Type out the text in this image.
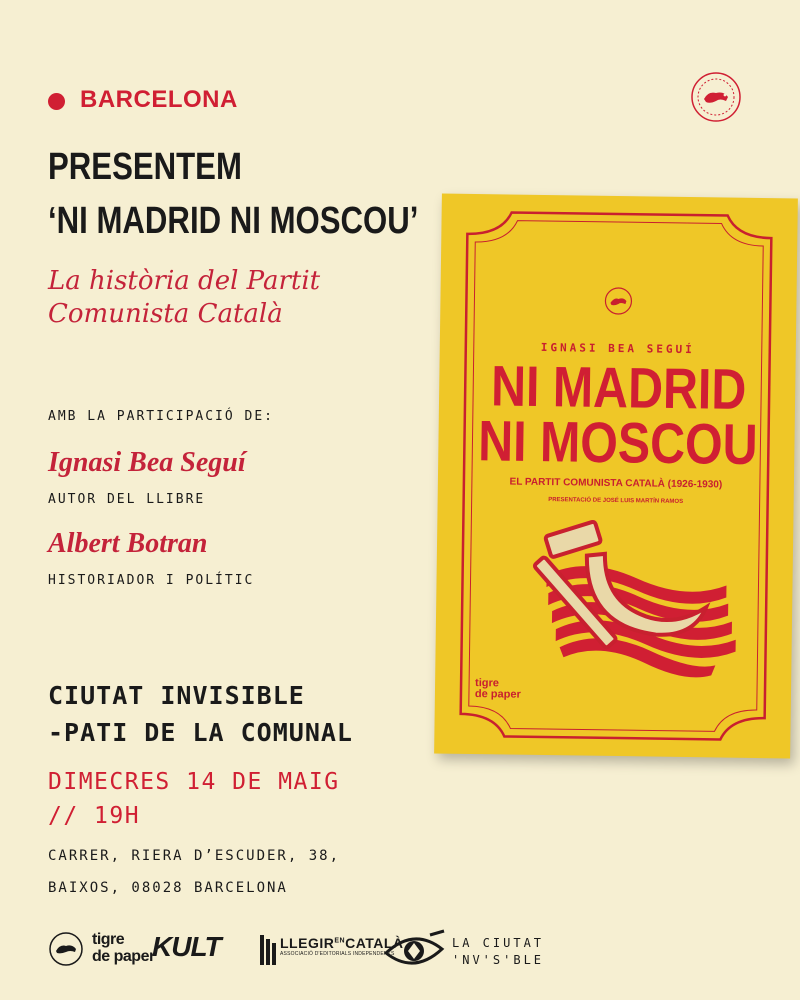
BARCELONA
PRESENTEM
‘NI MADRID NI MOSCOU’
La història del Partit
Comunista Català
AMB LA PARTICIPACIÓ DE:
Ignasi Bea Seguí
AUTOR DEL LLIBRE
Albert Botran
HISTORIADOR I POLÍTIC
CIUTAT INVISIBLE
-PATI DE LA COMUNAL
DIMECRES 14 DE MAIG
// 19H
CARRER, RIERA D’ESCUDER, 38,
BAIXOS, 08028 BARCELONA
IGNASI BEA SEGUÍ
NI MADRID
NI MOSCOU
EL PARTIT COMUNISTA CATALÀ (1926-1930)
PRESENTACIÓ DE JOSÉ LUIS MARTÍN RAMOS
tigre
de paper
tigre
de paper
KULT	$LLEGIR^{EN}CATALÀ$
ASSOCIACIÓ D'EDITORIALS INDEPENDENTS
LA CIUTAT
'NV'S'BLE
